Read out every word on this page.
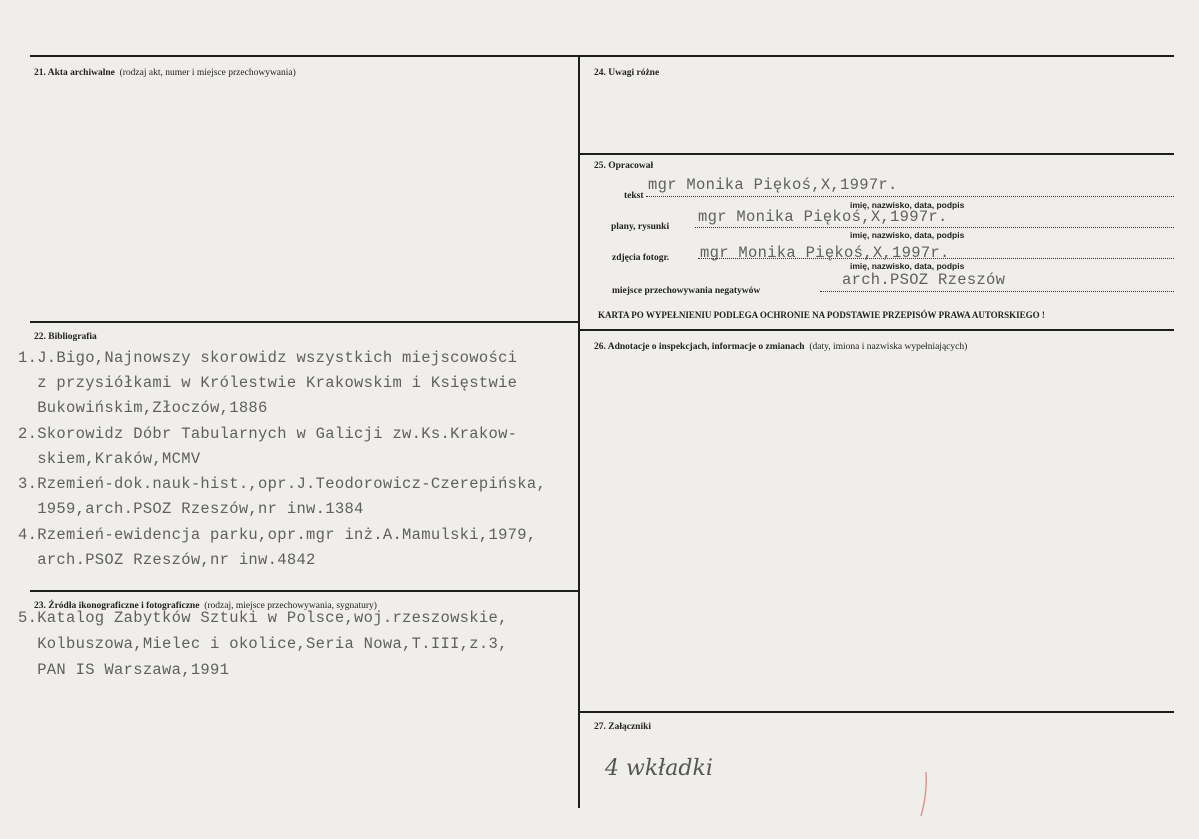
21. Akta archiwalne (rodzaj akt, numer i miejsce przechowywania)
22. Bibliografia
1.J.Bigo,Najnowszy skorowidz wszystkich miejscowości
z przysiółkami w Królestwie Krakowskim i Księstwie
Bukowińskim,Złoczów,1886
2.Skorowidz Dóbr Tabularnych w Galicji zw.Ks.Krakow-
skiem,Kraków,MCMV
3.Rzemień-dok.nauk-hist.,opr.J.Teodorowicz-Czerepińska,
1959,arch.PSOZ Rzeszów,nr inw.1384
4.Rzemień-ewidencja parku,opr.mgr inż.A.Mamulski,1979,
arch.PSOZ Rzeszów,nr inw.4842
23. Źródła ikonograficzne i fotograficzne (rodzaj, miejsce przechowywania, sygnatury)
5.Katalog Zabytków Sztuki w Polsce,woj.rzeszowskie,
Kolbuszowa,Mielec i okolice,Seria Nowa,T.III,z.3,
PAN IS Warszawa,1991
24. Uwagi różne
25. Opracował
tekst
mgr Monika Piękoś,X,1997r.
imię, nazwisko, data, podpis
plany, rysunki
mgr Monika Piękoś,X,1997r.
imię, nazwisko, data, podpis
zdjęcia fotogr. mgr Monika Piękoś,X,1997r.
imię, nazwisko, data, podpis
miejsce przechowywania negatywów
arch.PSOZ Rzeszów
KARTA PO WYPEŁNIENIU PODLEGA OCHRONIE NA PODSTAWIE PRZEPISÓW PRAWA AUTORSKIEGO !
26. Adnotacje o inspekcjach, informacje o zmianach (daty, imiona i nazwiska wypełniających)
27. Załączniki
4 wkładki
